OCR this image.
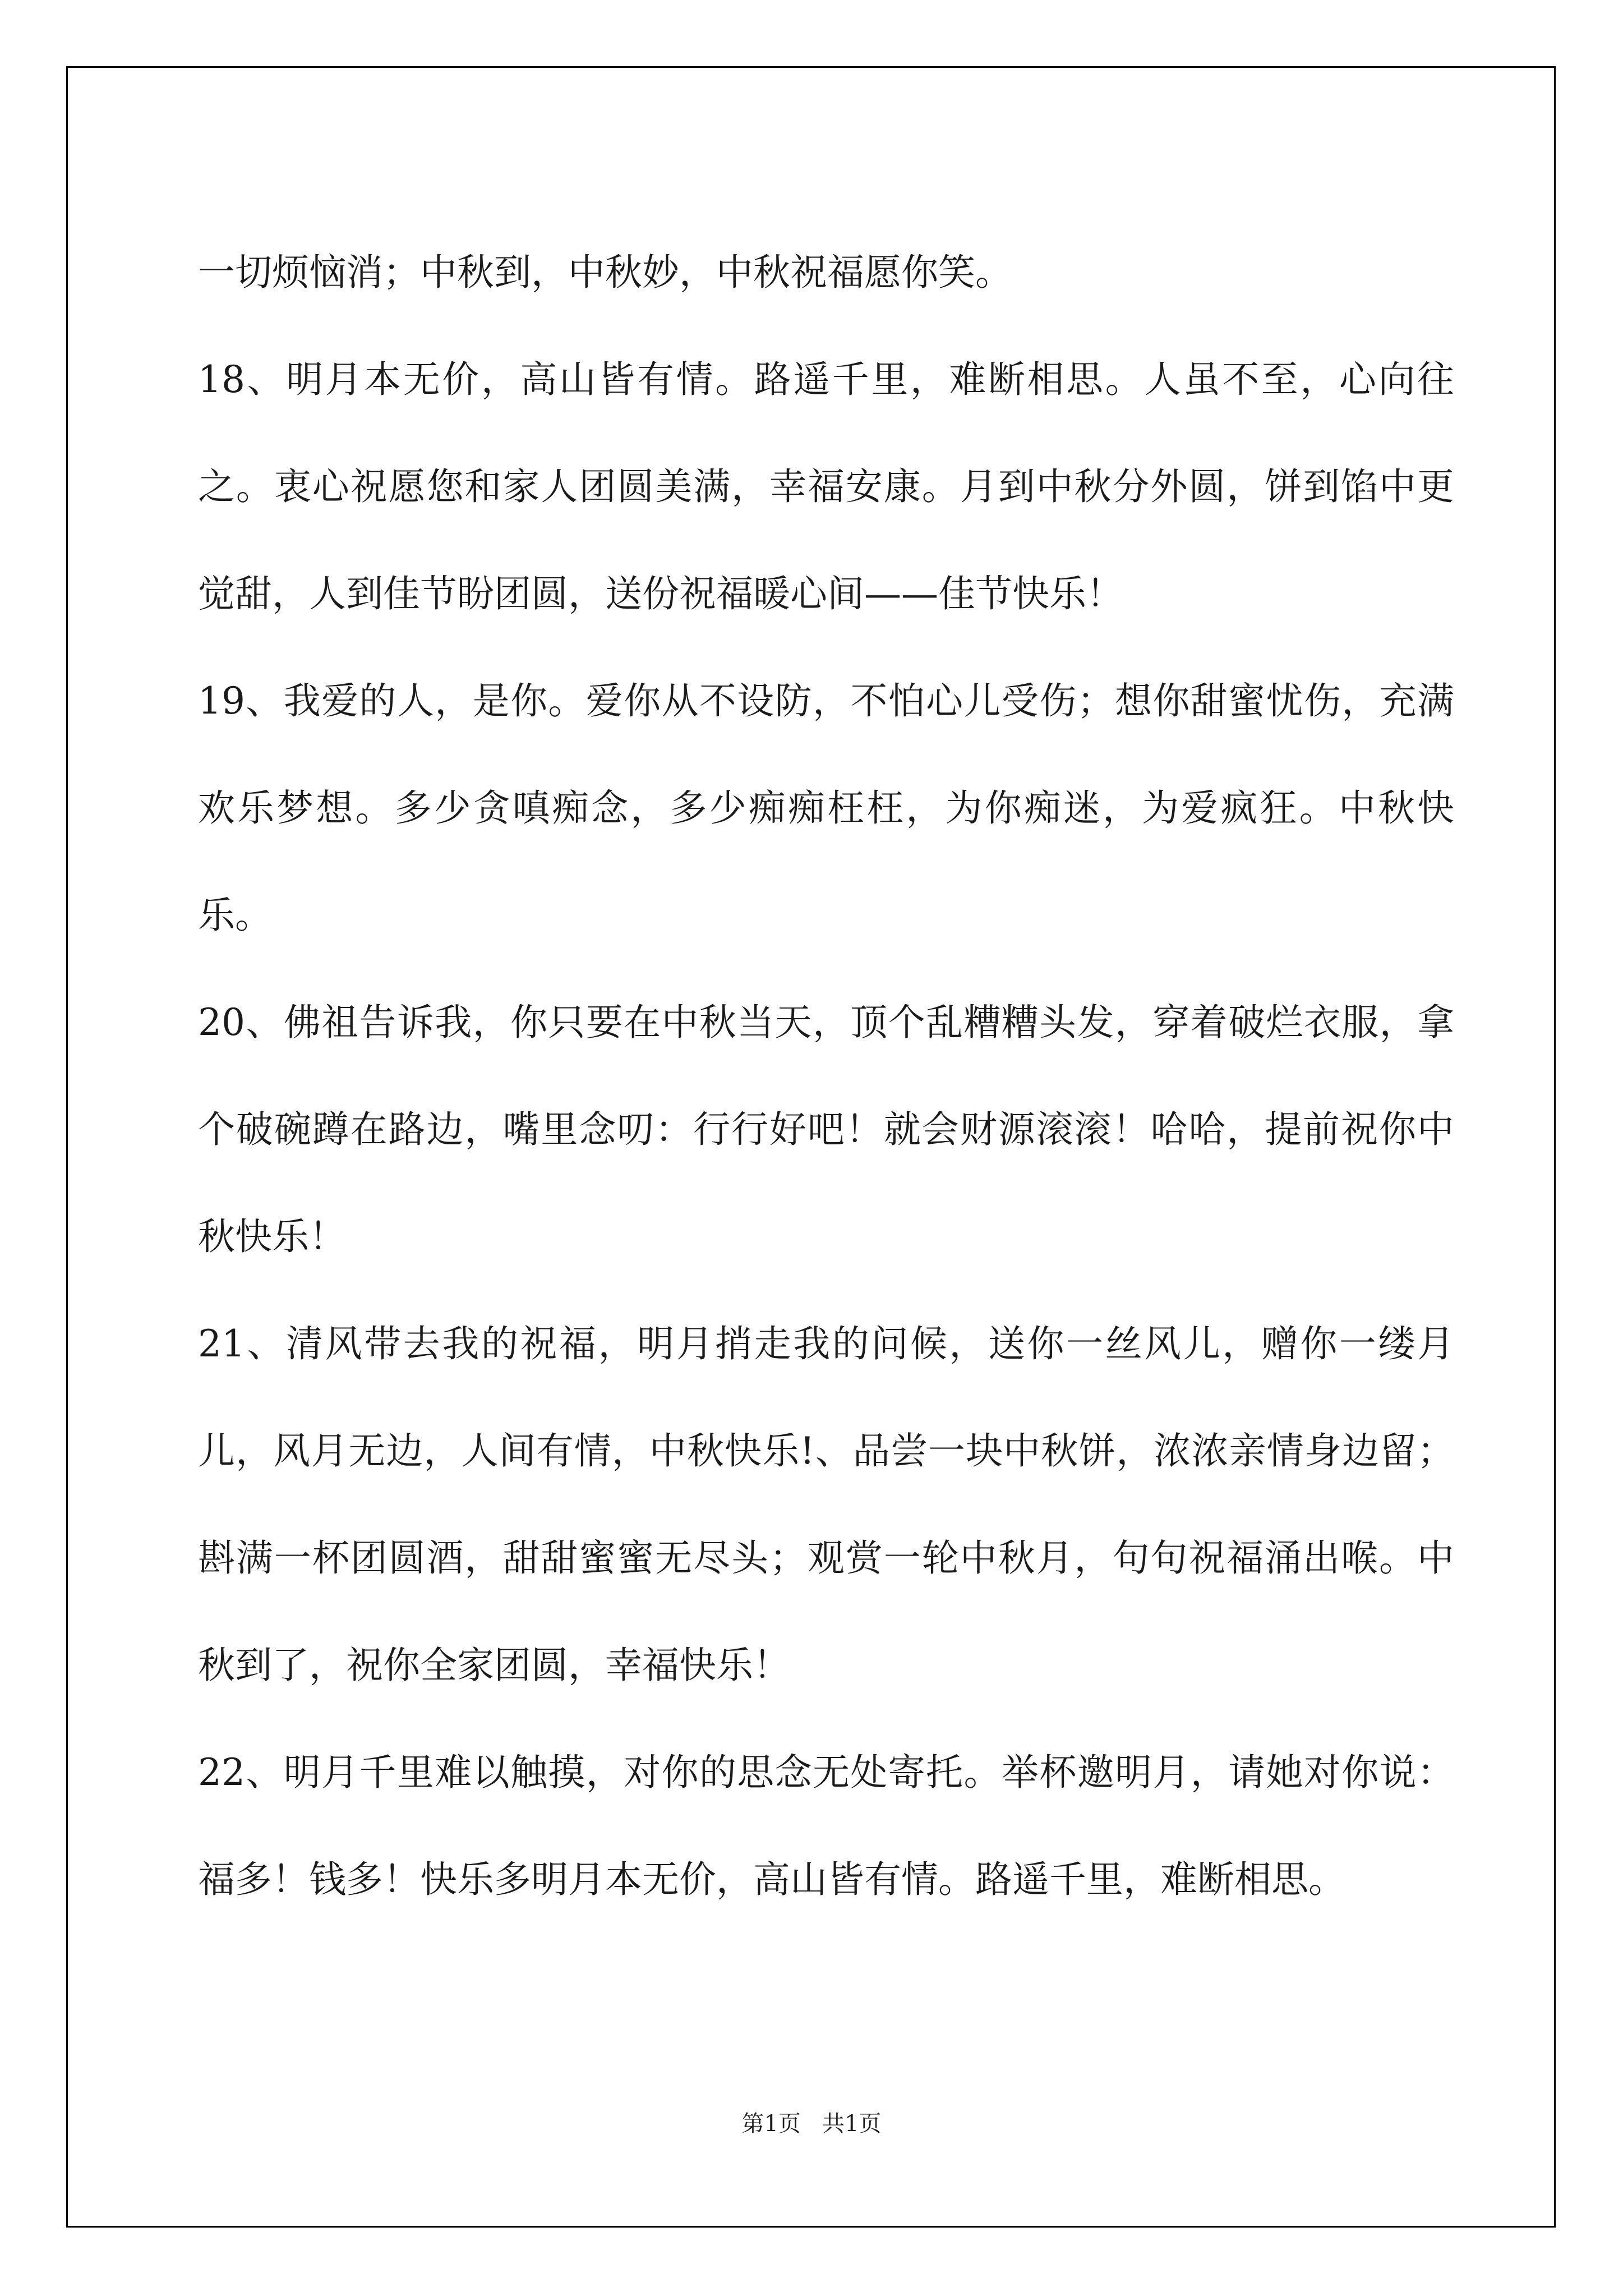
一切烦恼消；中秋到，中秋妙，中秋祝福愿你笑。

18、明月本无价，高山皆有情。路遥千里，难断相思。人虽不至，心向往之。衷心祝愿您和家人团圆美满，幸福安康。月到中秋分外圆，饼到馅中更觉甜，人到佳节盼团圆，送份祝福暖心间——佳节快乐！

19、我爱的人，是你。爱你从不设防，不怕心儿受伤；想你甜蜜忧伤，充满欢乐梦想。多少贪嗔痴念，多少痴痴枉枉，为你痴迷，为爱疯狂。中秋快乐。

20、佛祖告诉我，你只要在中秋当天，顶个乱糟糟头发，穿着破烂衣服，拿个破碗蹲在路边，嘴里念叨：行行好吧！就会财源滚滚！哈哈，提前祝你中秋快乐！

21、清风带去我的祝福，明月捎走我的问候，送你一丝风儿，赠你一缕月儿，风月无边，人间有情，中秋快乐!、品尝一块中秋饼，浓浓亲情身边留；斟满一杯团圆酒，甜甜蜜蜜无尽头；观赏一轮中秋月，句句祝福涌出喉。中秋到了，祝你全家团圆，幸福快乐！

22、明月千里难以触摸，对你的思念无处寄托。举杯邀明月，请她对你说：福多！钱多！快乐多明月本无价，高山皆有情。路遥千里，难断相思。

第1页   共1页
